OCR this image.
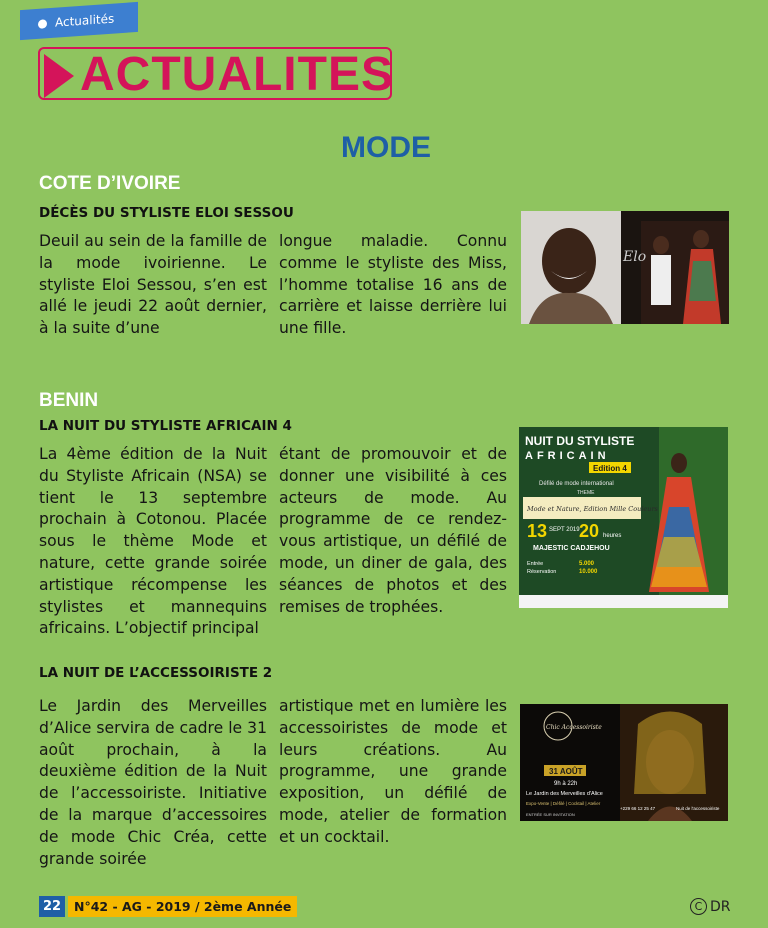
Actualités
ACTUALITES
MODE
COTE D’IVOIRE
DÉCÈS DU STYLISTE ELOI SESSOU
Deuil au sein de la famille de la mode ivoirienne. Le styliste Eloi Sessou, s’en est allé le jeudi 22 août dernier, à la suite d’une
longue maladie. Connu comme le styliste des Miss, l’homme totalise 16 ans de carrière et laisse derrière lui une fille.
Elo
BENIN
LA NUIT DU STYLISTE AFRICAIN 4
La 4ème édition de la Nuit du Styliste Africain (NSA) se tient le 13 septembre prochain à Cotonou. Placée sous le thème Mode et nature, cette grande soirée artistique récompense les stylistes et mannequins africains. L’objectif principal
étant de promouvoir et de donner une visibilité à ces acteurs de mode. Au programme de ce rendez-vous artistique, un défilé de mode, un diner de gala, des séances de photos et des remises de trophées.
NUIT DU STYLISTE
AFRICAIN
Edition 4
Défilé de mode international
THEME
Mode et Nature, Edition Mille Couleurs
13 SEPT 2019 20 heures
MAJESTIC CADJEHOU
Entrée	5.000
Réservation	10.000
LA NUIT DE L’ACCESSOIRISTE 2
Le Jardin des Merveilles d’Alice servira de cadre le 31 août prochain, à la deuxième édition de la Nuit de l’accessoiriste. Initiative de la marque d’accessoires de mode Chic Créa, cette grande soirée
artistique met en lumière les accessoiristes de mode et leurs créations. Au programme, une grande exposition, un défilé de mode, atelier de formation et un cocktail.
Chic Accessoiriste
31 AOÛT
9h à 22h
Le Jardin des Merveilles d'Alice
Expo-Vente | Défilé | Cocktail | Atelier
ENTRÉE SUR INVITATION
+229 66 12 25 47	Nuit de l'accessoiriste
22	N°42 - AG - 2019 / 2ème Année	C DR
